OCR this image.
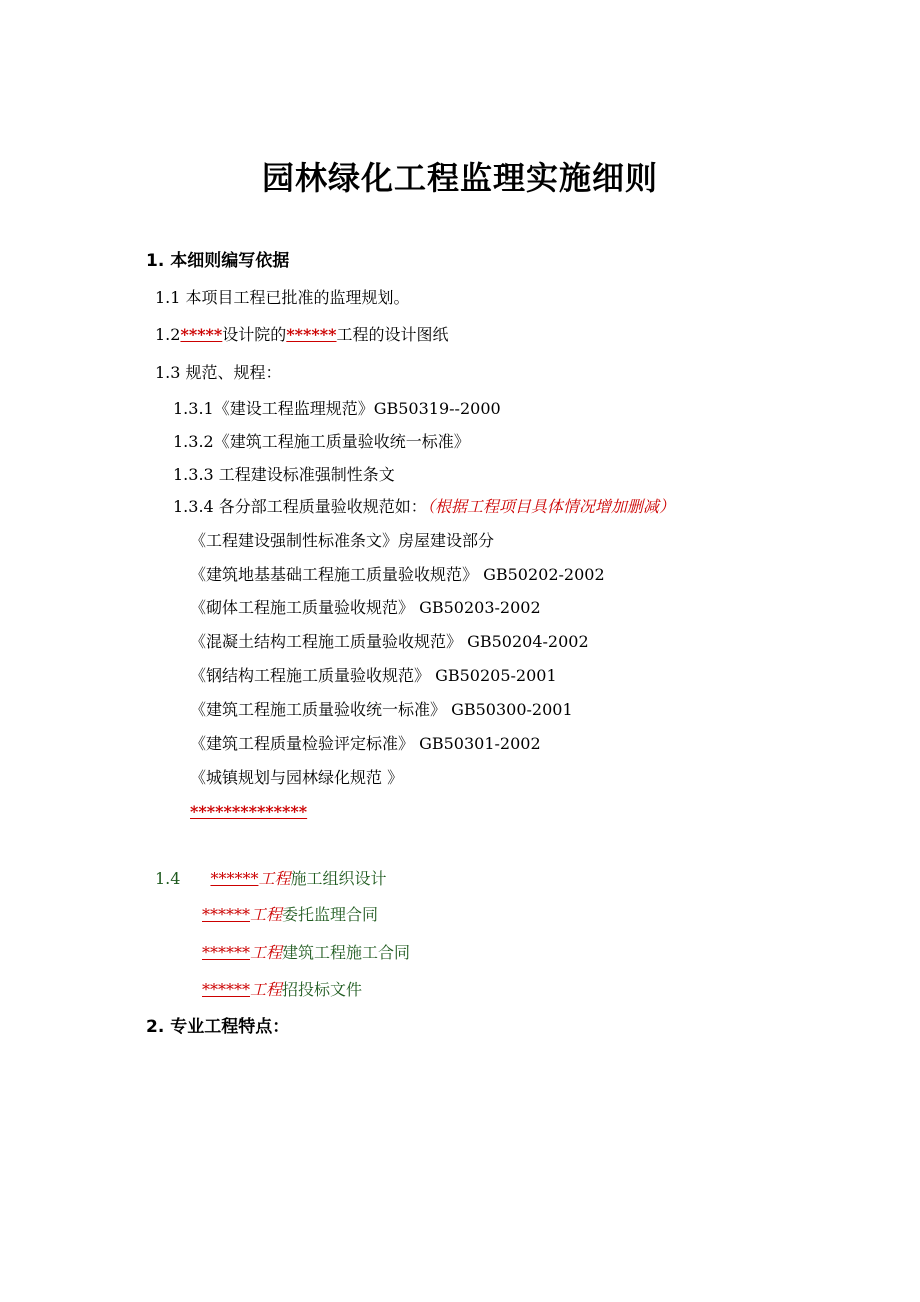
园林绿化工程监理实施细则
1. 本细则编写依据
1.1 本项目工程已批准的监理规划。
1.2*****设计院的******工程的设计图纸
1.3 规范、规程：
1.3.1《建设工程监理规范》GB50319--2000
1.3.2《建筑工程施工质量验收统一标准》
1.3.3 工程建设标准强制性条文
1.3.4 各分部工程质量验收规范如：（根据工程项目具体情况增加删减）
《工程建设强制性标准条文》房屋建设部分
《建筑地基基础工程施工质量验收规范》 GB50202-2002
《砌体工程施工质量验收规范》 GB50203-2002
《混凝土结构工程施工质量验收规范》 GB50204-2002
《钢结构工程施工质量验收规范》 GB50205-2001
《建筑工程施工质量验收统一标准》 GB50300-2001
《建筑工程质量检验评定标准》 GB50301-2002
《城镇规划与园林绿化规范 》
**************
1.4 ******工程施工组织设计
******工程委托监理合同
******工程建筑工程施工合同
******工程招投标文件
2. 专业工程特点：
